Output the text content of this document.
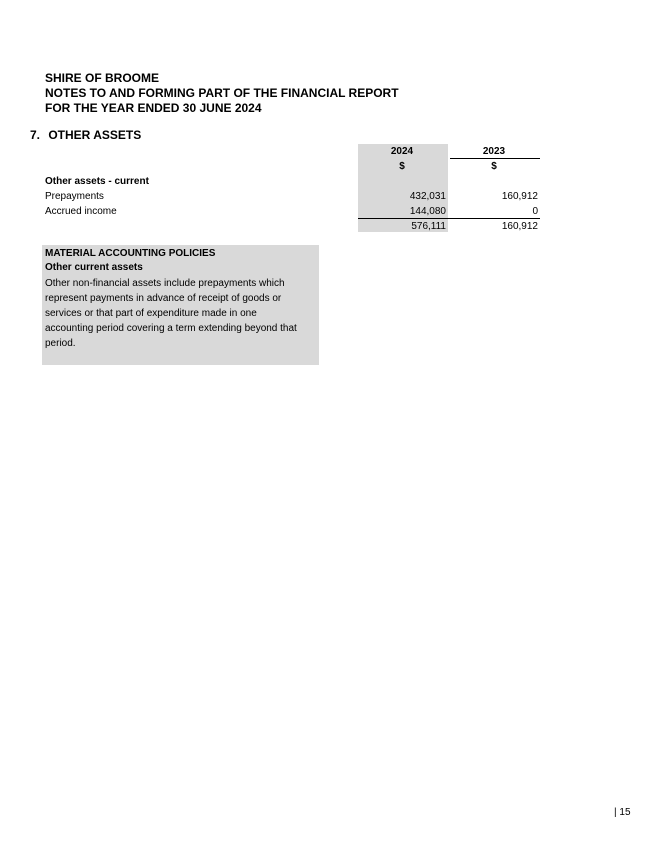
SHIRE OF BROOME
NOTES TO AND FORMING PART OF THE FINANCIAL REPORT
FOR THE YEAR ENDED 30 JUNE 2024
7. OTHER ASSETS
2024	2023
$	$
Other assets - current
Prepayments	432,031	160,912
Accrued income	144,080	0
576,111	160,912
MATERIAL ACCOUNTING POLICIES
Other current assets
Other non-financial assets include prepayments which represent payments in advance of receipt of goods or services or that part of expenditure made in one accounting period covering a term extending beyond that period.
| 15
